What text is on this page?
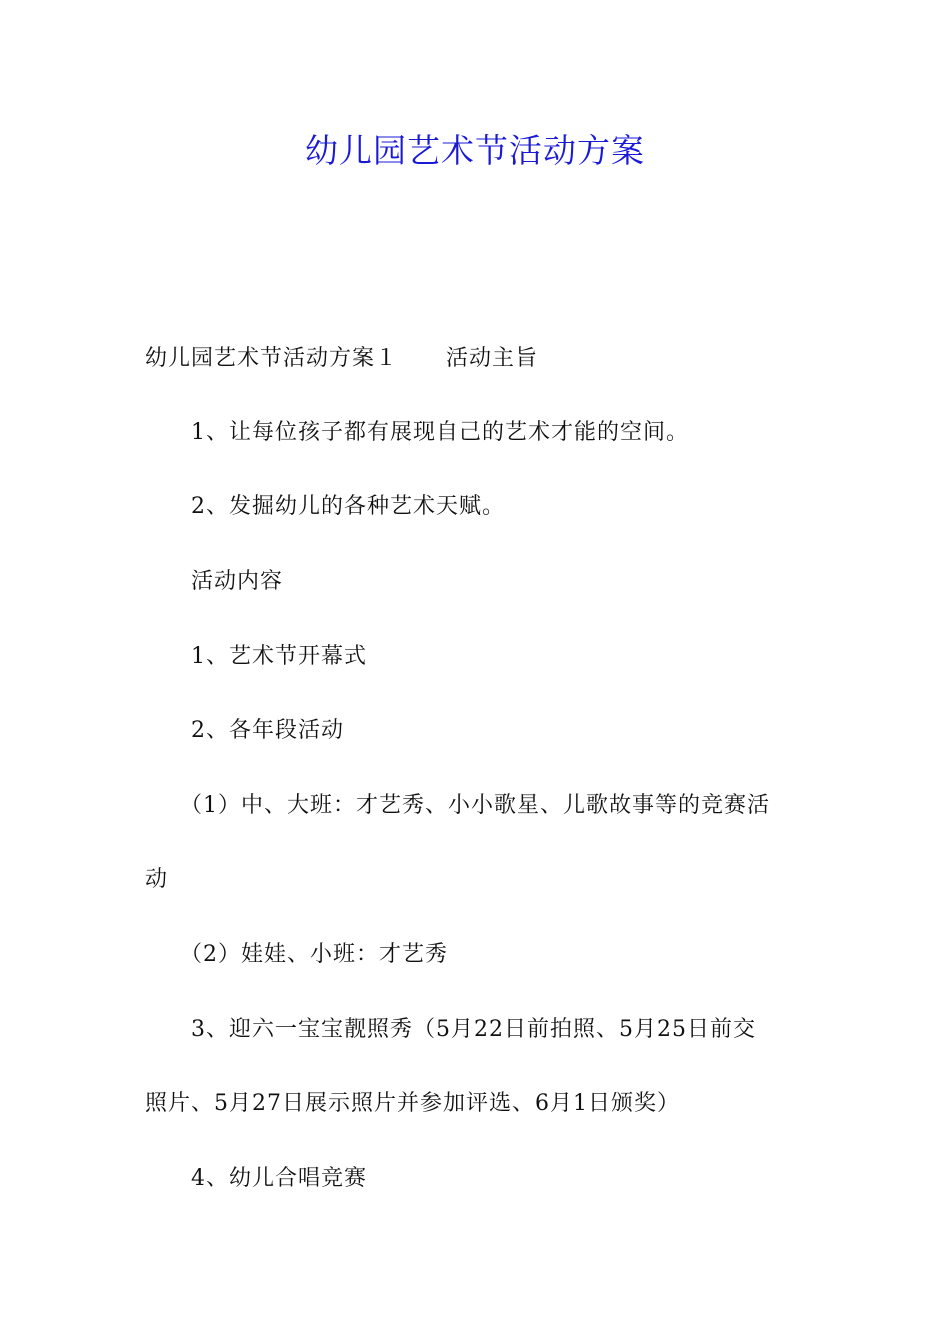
幼儿园艺术节活动方案
幼儿园艺术节活动方案１ 活动主旨
1、让每位孩子都有展现自己的艺术才能的空间。
2、发掘幼儿的各种艺术天赋。
活动内容
1、艺术节开幕式
2、各年段活动
（1）中、大班：才艺秀、小小歌星、儿歌故事等的竞赛活
动
（2）娃娃、小班：才艺秀
3、迎六一宝宝靓照秀（5月22日前拍照、5月25日前交
照片、5月27日展示照片并参加评选、6月1日颁奖）
4、幼儿合唱竞赛
